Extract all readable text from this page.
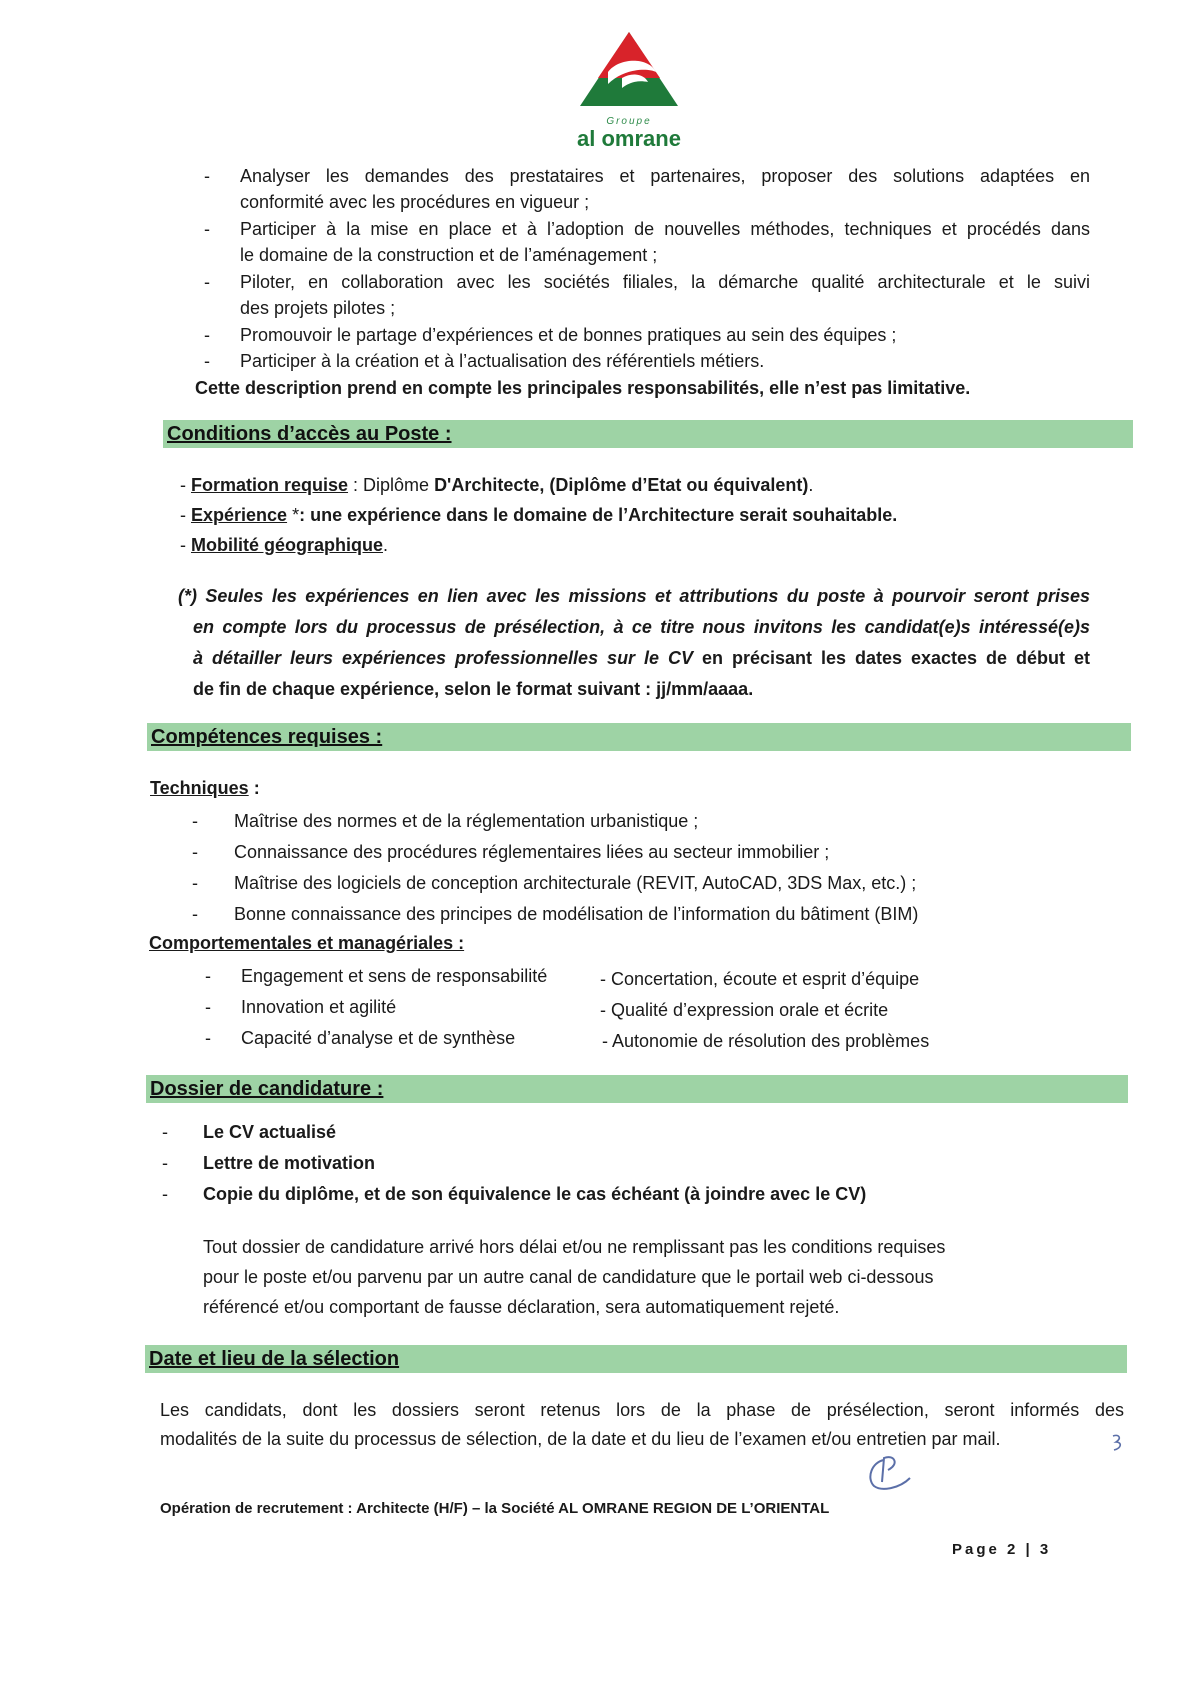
Groupe
al omrane
- Analyser les demandes des prestataires et partenaires, proposer des solutions adaptées en
conformité avec les procédures en vigueur ;
- Participer à la mise en place et à l’adoption de nouvelles méthodes, techniques et procédés dans
le domaine de la construction et de l’aménagement ;
- Piloter, en collaboration avec les sociétés filiales, la démarche qualité architecturale et le suivi
des projets pilotes ;
- Promouvoir le partage d’expériences et de bonnes pratiques au sein des équipes ;
- Participer à la création et à l’actualisation des référentiels métiers.
Cette description prend en compte les principales responsabilités, elle n’est pas limitative.
Conditions d’accès au Poste :
- Formation requise : Diplôme D'Architecte, (Diplôme d’Etat ou équivalent).
- Expérience *: une expérience dans le domaine de l’Architecture serait souhaitable.
- Mobilité géographique.
(*) Seules les expériences en lien avec les missions et attributions du poste à pourvoir seront prises
en compte lors du processus de présélection, à ce titre nous invitons les candidat(e)s intéressé(e)s
à détailler leurs expériences professionnelles sur le CV en précisant les dates exactes de début et
de fin de chaque expérience, selon le format suivant : jj/mm/aaaa.
Compétences requises :
Techniques :
- Maîtrise des normes et de la réglementation urbanistique ;
- Connaissance des procédures réglementaires liées au secteur immobilier ;
- Maîtrise des logiciels de conception architecturale (REVIT, AutoCAD, 3DS Max, etc.) ;
- Bonne connaissance des principes de modélisation de l’information du bâtiment (BIM)
Comportementales et managériales :
- Engagement et sens de responsabilité	- Concertation, écoute et esprit d’équipe
- Innovation et agilité	- Qualité d’expression orale et écrite
- Capacité d’analyse et de synthèse	- Autonomie de résolution des problèmes
Dossier de candidature :
- Le CV actualisé
- Lettre de motivation
- Copie du diplôme, et de son équivalence le cas échéant (à joindre avec le CV)
Tout dossier de candidature arrivé hors délai et/ou ne remplissant pas les conditions requises
pour le poste et/ou parvenu par un autre canal de candidature que le portail web ci-dessous
référencé et/ou comportant de fausse déclaration, sera automatiquement rejeté.
Date et lieu de la sélection
Les candidats, dont les dossiers seront retenus lors de la phase de présélection, seront informés des
modalités de la suite du processus de sélection, de la date et du lieu de l’examen et/ou entretien par mail.
Opération de recrutement : Architecte (H/F) – la Société AL OMRANE REGION DE L’ORIENTAL
Page 2 | 3
